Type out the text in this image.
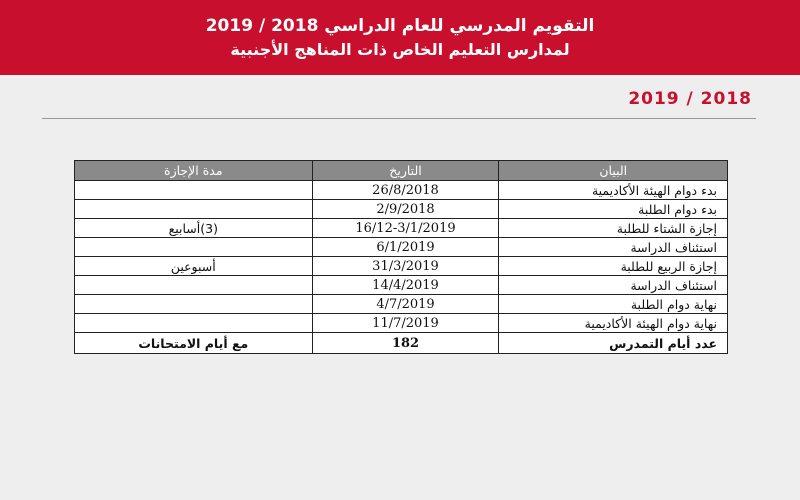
التقويم المدرسي للعام الدراسي 2018 / 2019
لمدارس التعليم الخاص ذات المناهج الأجنبية
2019 / 2018
البيان	التاريخ	مدة الإجازة
بدء دوام الهيئة الأكاديمية	26/8/2018	
بدء دوام الطلبة	2/9/2018	
إجازة الشتاء للطلبة	16/12-3/1/2019	(3)أسابيع
استئناف الدراسة	6/1/2019	
إجازة الربيع للطلبة	31/3/2019	أسبوعين
استئناف الدراسة	14/4/2019	
نهاية دوام الطلبة	4/7/2019	
نهاية دوام الهيئة الأكاديمية	11/7/2019	
عدد أيام التمدرس	182	مع أيام الامتحانات
